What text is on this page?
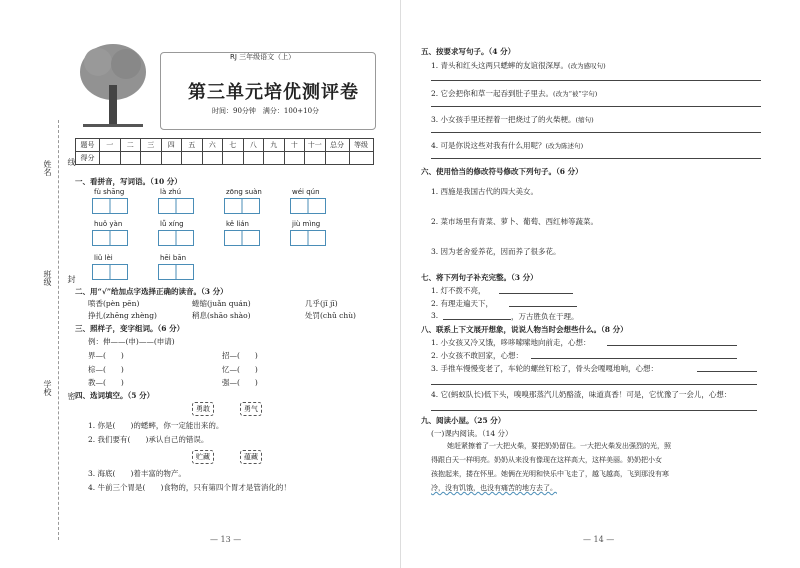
姓名 线
班级 封
学校 密
RJ 三年级语文（上）
第三单元培优测评卷
时间：90分钟　满分：100+10分
题号	一	二	三	四	五	六	七	八	九	十	十一	总分	等级
得分													
一、看拼音，写词语。（10 分）
fù shāng	là zhú	zōng suàn	wéi qún
huǒ yàn	lǚ xíng	kě lián	jiù mìng
liǔ lèi	hēi bān
二、用“√”给加点字选择正确的读音。（3 分）
喷香(pèn pēn)	蜷缩(juǎn quán)	几乎(jǐ jī)
挣扎(zhēng zhèng)	稍息(shāo shào)	处罚(chǔ chù)
三、照样子，变字组词。（6 分）
例：伸——(申)——(申请)
界—(　　)	招—(　　)
棕—(　　)	忆—(　　)
教—(　　)	强—(　　)
四、选词填空。（5 分）
勇敢	勇气
1. 你是(　　)的蟋蟀，你一定能出来的。
2. 我们要有(　　)承认自己的错误。
贮藏	蕴藏
3. 海底(　　)着丰富的物产。
4. 牛前三个胃是(　　)食物的，只有第四个胃才是管消化的！
— 13 —
五、按要求写句子。（4 分）
1. 青头和红头这两只蟋蟀的友谊很深厚。(改为感叹句)
2. 它会把你和草一起吞到肚子里去。(改为“被”字句)
3. 小女孩手里还捏着一把烧过了的火柴梗。(缩句)
4. 可是你说这些对我有什么用呢？(改为陈述句)
六、使用恰当的修改符号修改下列句子。（6 分）
1. 西施是我国古代的四大美女。
2. 菜市场里有青菜、萝卜、葡萄、西红柿等蔬菜。
3. 因为老舍爱养花，因而养了很多花。
七、将下列句子补充完整。（3 分）
1. 灯不拨不亮，
2. 有理走遍天下，
3.	，万古胜负在于理。
八、联系上下文展开想象，说说人物当时会想些什么。（8 分）
1. 小女孩又冷又饿，哆哆嗦嗦地向前走，心想：
2. 小女孩不敢回家，心想：
3. 手推车慢慢变老了，车轮的螺丝钉松了，骨头会嘎嘎地响，心想：
4. 它(蚂蚁队长)低下头，嗅嗅那蒸汽儿奶酪渣，味道真香！可是，它忧豫了一会儿，心想：
九、阅读小屋。（25 分）
(一)课内阅读。（14 分）
她赶紧擦着了一大把火柴，要把奶奶留住。一大把火柴发出强烈的光，照
得跟白天一样明亮。奶奶从来没有像现在这样高大，这样美丽。奶奶把小女
孩抱起来，搂在怀里。她俩在光明和快乐中飞走了，越飞越高，飞到那没有寒
冷，没有饥饿，也没有痛苦的地方去了。
— 14 —
